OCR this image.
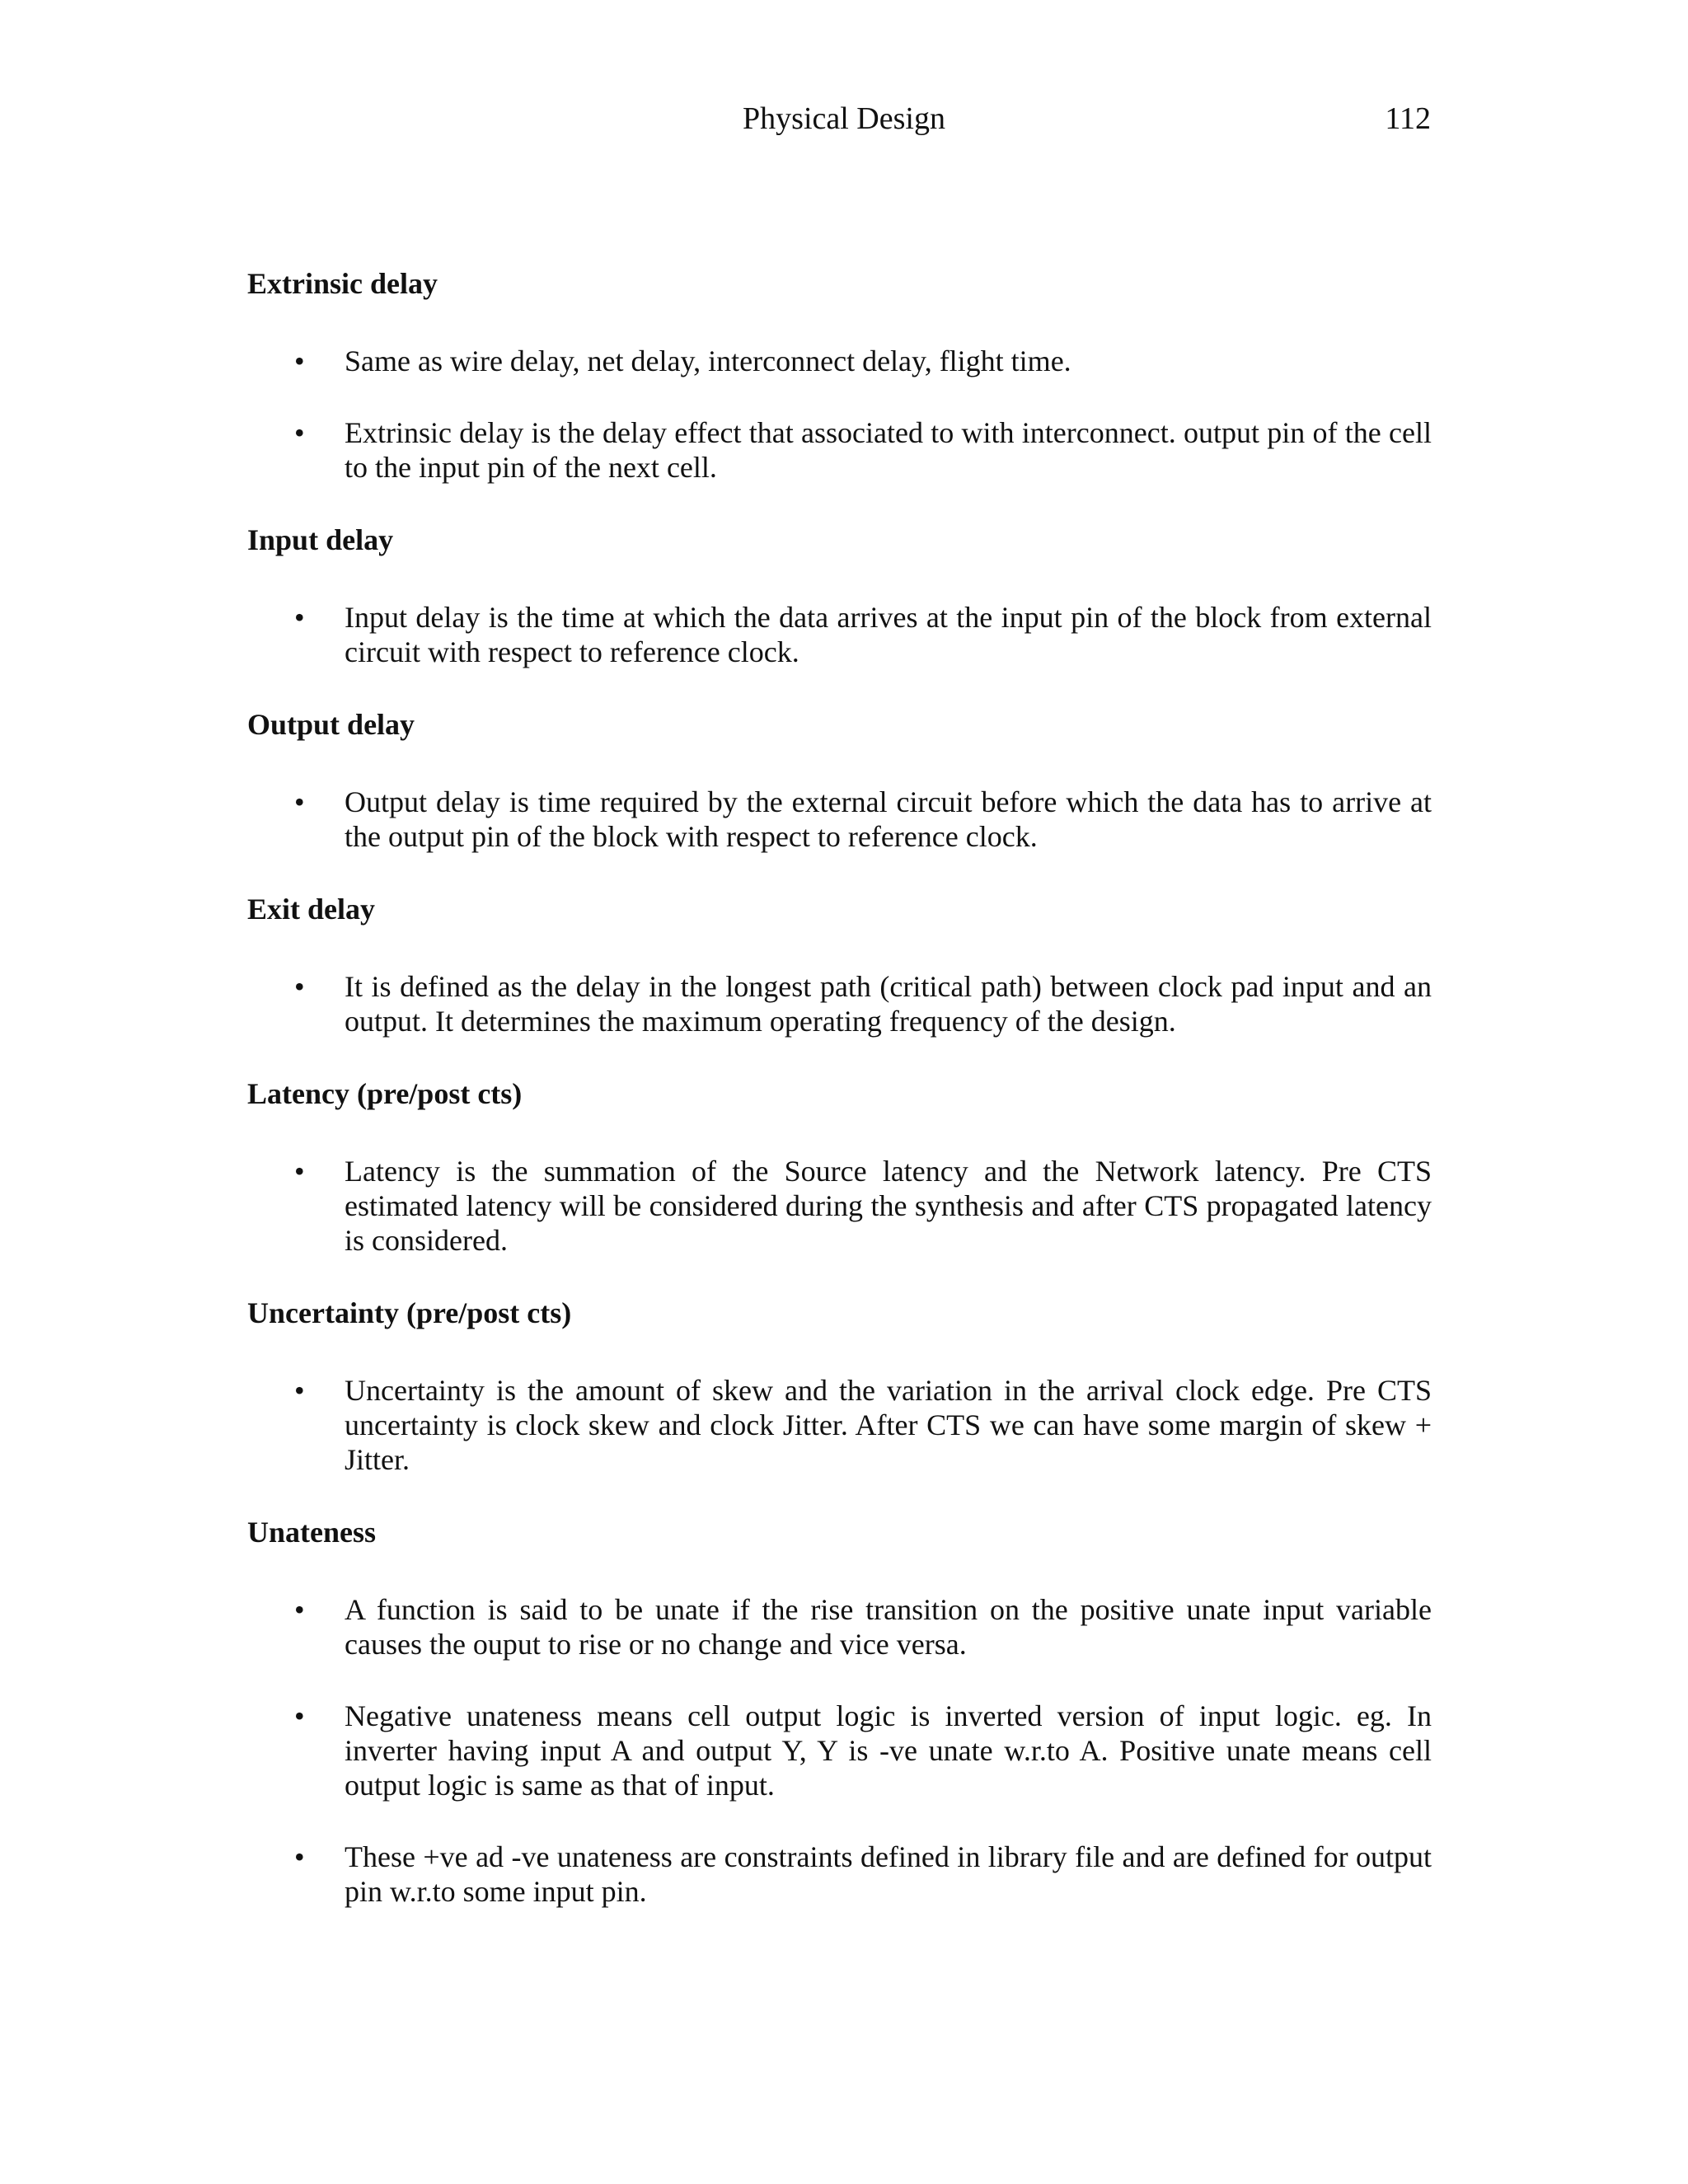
Physical Design	112
Extrinsic delay
• Same as wire delay, net delay, interconnect delay, flight time.
• Extrinsic delay is the delay effect that associated to with interconnect. output pin of the cell to the input pin of the next cell.
Input delay
• Input delay is the time at which the data arrives at the input pin of the block from external circuit with respect to reference clock.
Output delay
• Output delay is time required by the external circuit before which the data has to arrive at the output pin of the block with respect to reference clock.
Exit delay
• It is defined as the delay in the longest path (critical path) between clock pad input and an output. It determines the maximum operating frequency of the design.
Latency (pre/post cts)
• Latency is the summation of the Source latency and the Network latency. Pre CTS estimated latency will be considered during the synthesis and after CTS propagated latency is considered.
Uncertainty (pre/post cts)
• Uncertainty is the amount of skew and the variation in the arrival clock edge. Pre CTS uncertainty is clock skew and clock Jitter. After CTS we can have some margin of skew + Jitter.
Unateness
• A function is said to be unate if the rise transition on the positive unate input variable causes the ouput to rise or no change and vice versa.
• Negative unateness means cell output logic is inverted version of input logic. eg. In inverter having input A and output Y, Y is -ve unate w.r.to A. Positive unate means cell output logic is same as that of input.
• These +ve ad -ve unateness are constraints defined in library file and are defined for output pin w.r.to some input pin.
